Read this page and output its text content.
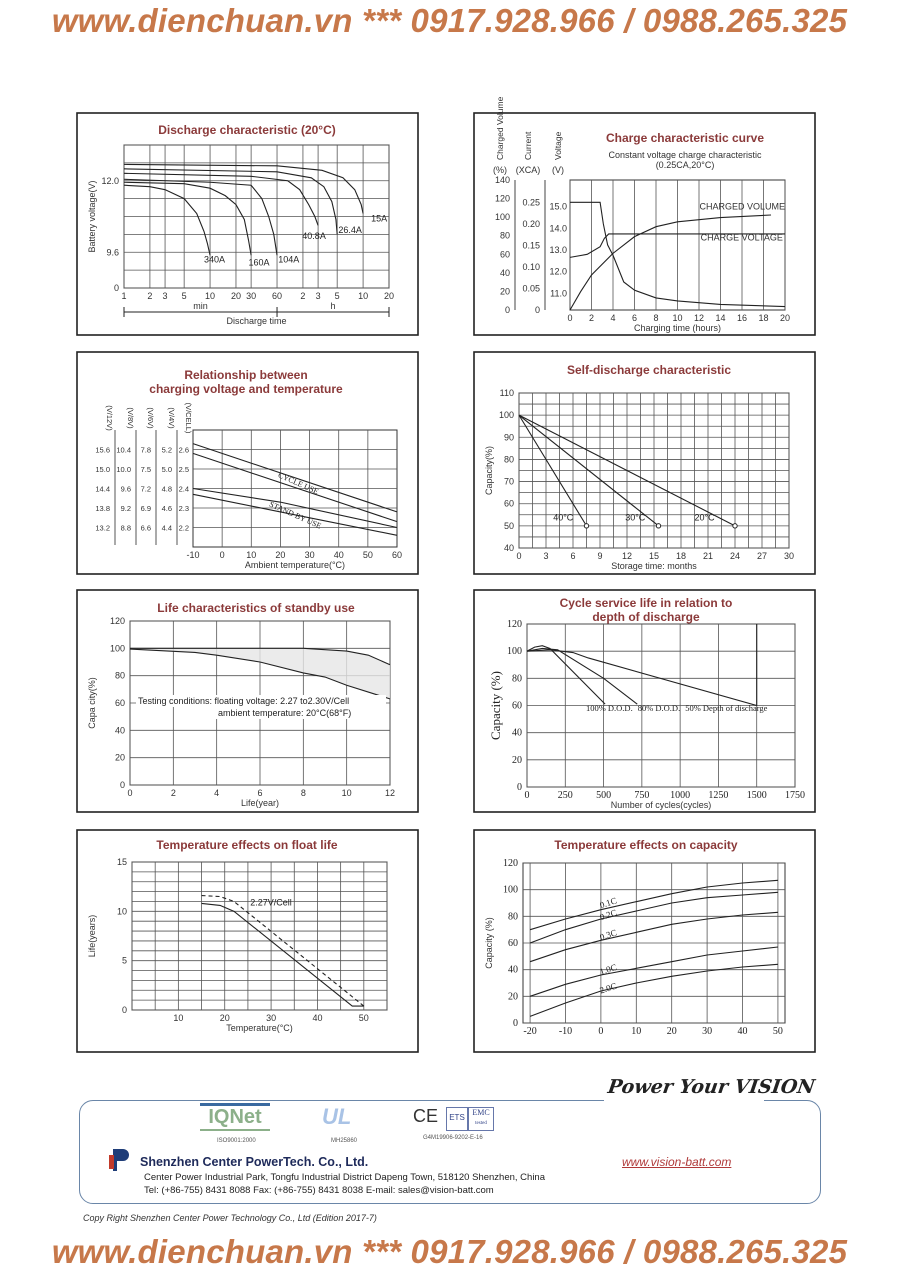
www.dienchuan.vn *** 0917.928.966 / 0988.265.325
Discharge characteristic (20°C)
1 2 3 5 10 20 30 60 2 3 5 10 20
0
9.6
12.0
Discharge time
Battery voltage(V)
340A	160A 104A
40.8A
26.4A
15A
min	h
Charge characteristic curve
0 2 4 6 8 10 12 14 16 18 20
Charging time (hours)
CHARGED VOLUME
CHARGE VOLTAGE
Constant voltage charge characteristic
(0.25CA,20°C)
0
20
40
60
80
100
120
140
Charged Volume
(%)
0
0.05
0.10
0.15
0.20
0.25
Current
(XCA)
11.0
12.0
13.0
14.0
15.0
Voltage
(V)
Relationship between
charging voltage and temperature
-10 0 10 20 30 40 50 60
Ambient temperature(°C)
15.6
15.0
14.4
13.8
13.2
(V/12V)
10.4
10.0
9.6
9.2
8.8
(V/8V)
7.8
7.5
7.2
6.9
6.6
(V/6V)
5.2
5.0
4.8
4.6
4.4
(V/4V)
2.6
2.5
2.4
2.3
2.2
(V/CELL)
CYCLE USE
STAND BY USE
Self-discharge characteristic
0 3 6 9 12 15 18 21 24 27 30
40
50
60
70
80
90
100
110
Storage time: months
Capacity(%)
40°C	30°C	20°C
Life characteristics of standby use
0	2	4	6	8	10	12
0
20
40
60
80
100
120
Life(year)
Capa city(%)	Testing conditions: floating voltage: 2.27 to2.30V/Cell
ambient temperature: 20°C(68°F)
Cycle service life in relation to
depth of discharge
0	250 500 750 1000 1250 1500 1750
0
20
40
60
80
100
120
Number of cycles(cycles)
Capacity (%)	100% D.O.D. 80% D.O.D. 50% Depth of discharge
Temperature effects on float life
10	20	30	40	50
0
5
10
15
Temperature(°C)
Life(years)
2.27V/Cell
Temperature effects on capacity
-20 -10	0	10	20	30	40	50
0
20
40
60
80
100
120
Capacity (%)
0.1C
0.2C
0.3C
1.0C
2.0C
IQNet
ISO9001:2000
UL
MH25860
CE	ETS
EMC
tested
G4M19906-9202-E-16
Power Your VISION
Shenzhen Center PowerTech. Co., Ltd.
Center Power Industrial Park, Tongfu Industrial District Dapeng Town, 518120 Shenzhen, China
Tel: (+86-755) 8431 8088 Fax: (+86-755) 8431 8038 E-mail: sales@vision-batt.com
www.vision-batt.com
Copy Right Shenzhen Center Power Technology Co., Ltd (Edition 2017-7)
www.dienchuan.vn *** 0917.928.966 / 0988.265.325
